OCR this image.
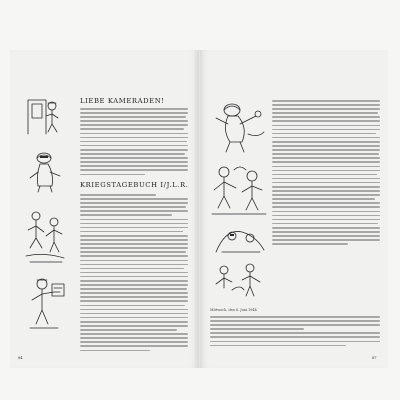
LIEBE KAMERADEN!
KRIEGSTAGEBUCH I/J.L.R.
84
Mittwoch, den 8. Juni 1944
87
